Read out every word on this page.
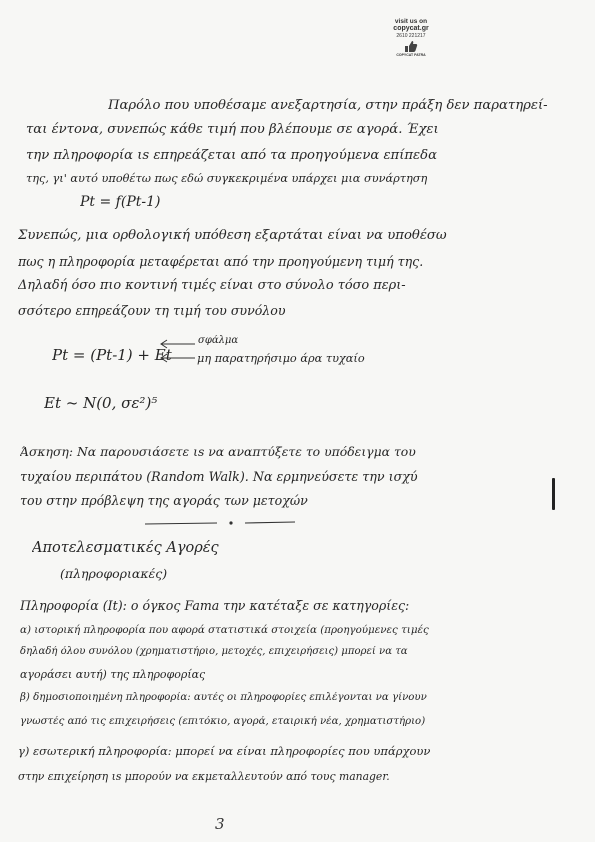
visit us on
copycat.gr
2610 221217
COPYCAT PATRA
Παρόλο που υποθέσαμε ανεξαρτησία, στην πράξη δεν παρατηρεί-
ται έντονα, συνεπώς κάθε τιμή που βλέπουμε σε αγορά. Έχει
την πληροφορία ιs επηρεάζεται από τα προηγούμενα επίπεδα
της, γι' αυτό υποθέτω πως εδώ συγκεκριμένα υπάρχει μια συνάρτηση
Pt = f(Pt-1)
Συνεπώς, μια ορθολογική υπόθεση εξαρτάται είναι να υποθέσω
πως η πληροφορία μεταφέρεται από την προηγούμενη τιμή της.
Δηλαδή όσο πιο κοντινή τιμές είναι στο σύνολο τόσο περι-
σσότερο επηρεάζουν τη τιμή του συνόλου
σφάλμα
Pt = (Pt-1) + Et μη παρατηρήσιμο άρα τυχαίο
Et ~ N(0, σε²)⁵
Άσκηση: Να παρουσιάσετε ιs να αναπτύξετε το υπόδειγμα του
τυχαίου περιπάτου (Random Walk). Να ερμηνεύσετε την ισχύ
του στην πρόβλεψη της αγοράς των μετοχών
Αποτελεσματικές Αγορές
(πληροφοριακές)
Πληροφορία (It): ο όγκος Fama την κατέταξε σε κατηγορίες:
α) ιστορική πληροφορία που αφορά στατιστικά στοιχεία (προηγούμενες τιμές
δηλαδή όλου συνόλου (χρηματιστήριο, μετοχές, επιχειρήσεις) μπορεί να τα
αγοράσει αυτή) της πληροφορίας
β) δημοσιοποιημένη πληροφορία: αυτές οι πληροφορίες επιλέγονται να γίνουν
γνωστές από τις επιχειρήσεις (επιτόκιο, αγορά, εταιρική νέα, χρηματιστήριο)
γ) εσωτερική πληροφορία: μπορεί να είναι πληροφορίες που υπάρχουν
στην επιχείρηση ιs μπορούν να εκμεταλλευτούν από τους manager.
3
